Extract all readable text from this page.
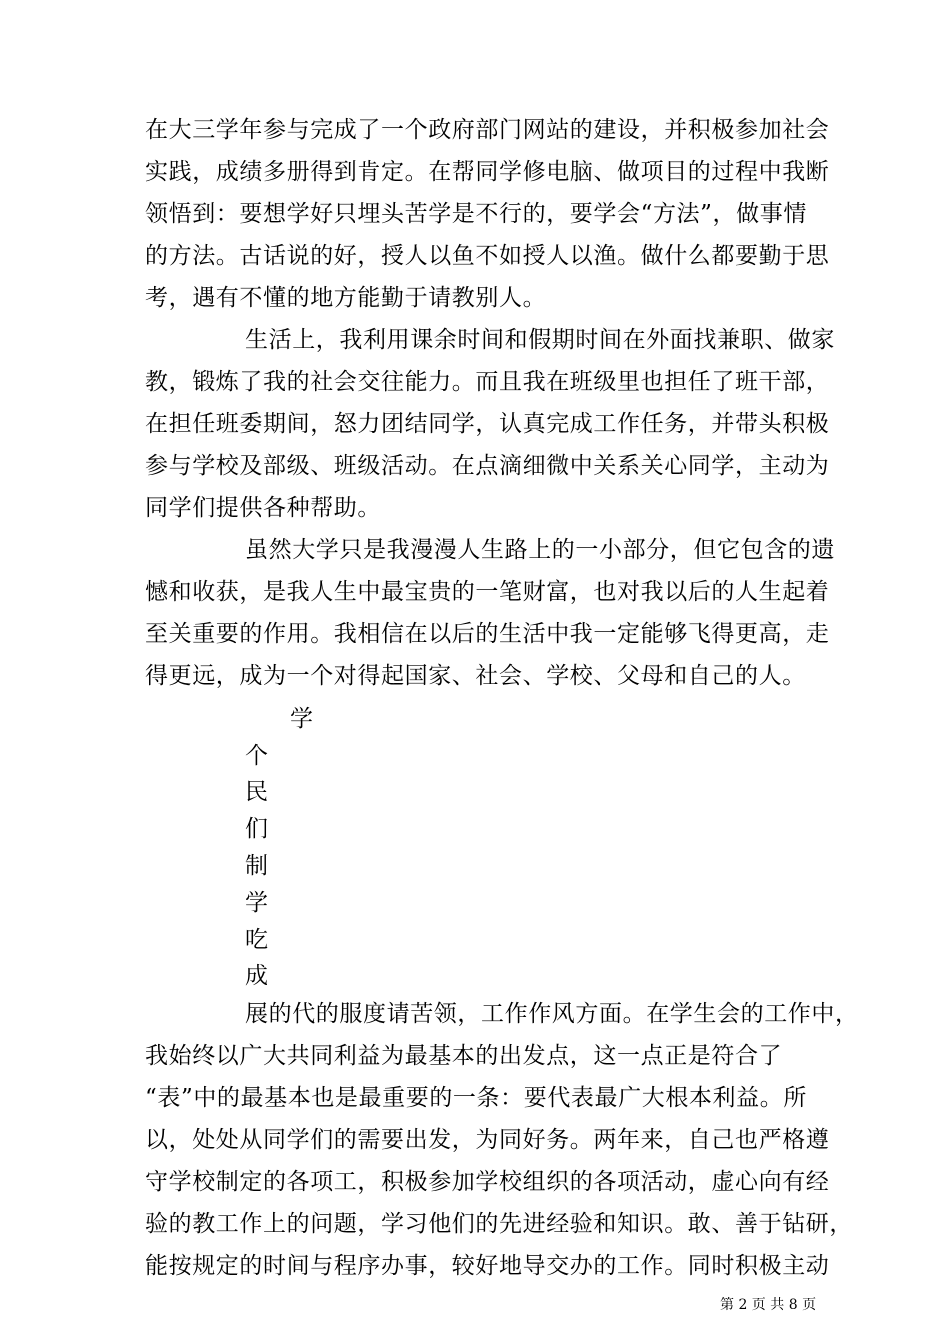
在大三学年参与完成了一个政府部门网站的建设，并积极参加社会
实践，成绩多册得到肯定。在帮同学修电脑、做项目的过程中我断
领悟到：要想学好只埋头苦学是不行的，要学会“方法”，做事情
的方法。古话说的好，授人以鱼不如授人以渔。做什么都要勤于思
考，遇有不懂的地方能勤于请教别人。
生活上，我利用课余时间和假期时间在外面找兼职、做家
教，锻炼了我的社会交往能力。而且我在班级里也担任了班干部，
在担任班委期间，怒力团结同学，认真完成工作任务，并带头积极
参与学校及部级、班级活动。在点滴细微中关系关心同学，主动为
同学们提供各种帮助。
虽然大学只是我漫漫人生路上的一小部分，但它包含的遗
憾和收获，是我人生中最宝贵的一笔财富，也对我以后的人生起着
至关重要的作用。我相信在以后的生活中我一定能够飞得更高，走
得更远，成为一个对得起国家、社会、学校、父母和自己的人。
学
个
民
们
制
学
吃
成
展的代的服度请苦领，工作作风方面。在学生会的工作中，
我始终以广大共同利益为最基本的出发点，这一点正是符合了
“表”中的最基本也是最重要的一条：要代表最广大根本利益。所
以，处处从同学们的需要出发，为同好务。两年来，自己也严格遵
守学校制定的各项工，积极参加学校组织的各项活动，虚心向有经
验的教工作上的问题，学习他们的先进经验和知识。敢、善于钻研，
能按规定的时间与程序办事，较好地导交办的工作。同时积极主动
第 2 页 共 8 页
